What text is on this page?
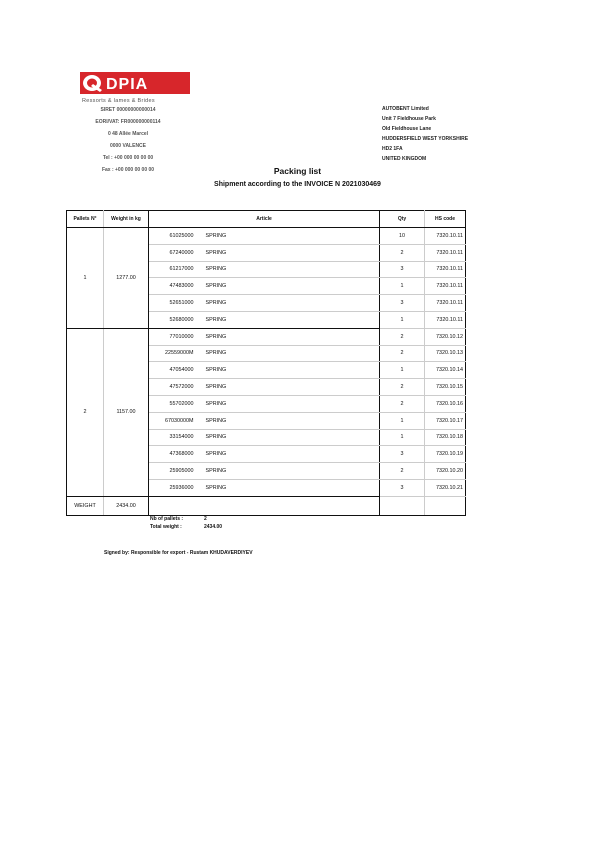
DPIA
Ressorts & lames & Brides
SIRET 00000000000014
EORI/VAT: FR000000000114
0 48 Allée Marcel
0000 VALENCE
Tel : +00 000 00 00 00
Fax : +00 000 00 00 00
AUTOBENT Limited
Unit 7 Fieldhouse Park
Old Fieldhouse Lane
HUDDERSFIELD WEST YORKSHIRE
HD2 1FA
UNITED KINGDOM
Packing list
Shipment according to the INVOICE N 2021030469
Pallets N°	Weight in kg	Article		Qty	HS code
1	1277.00	61025000	SPRING	10	7320.10.11
		67240000	SPRING	2	7320.10.11
		61217000	SPRING	3	7320.10.11
		47483000	SPRING	1	7320.10.11
		52651000	SPRING	3	7320.10.11
		52680000	SPRING	1	7320.10.11
2	1157.00	77010000	SPRING	2	7320.10.12
		22559000M	SPRING	2	7320.10.13
		47054000	SPRING	1	7320.10.14
		47572000	SPRING	2	7320.10.15
		55702000	SPRING	2	7320.10.16
		67030000M	SPRING	1	7320.10.17
		33154000	SPRING	1	7320.10.18
		47368000	SPRING	3	7320.10.19
		25905000	SPRING	2	7320.10.20
		25936000	SPRING	3	7320.10.21
WEIGHT	2434.00				
Nb of pallets :	2
Total weight :	2434.00
Signed by: Responsible for export - Rustam KHUDAVERDIYEV
